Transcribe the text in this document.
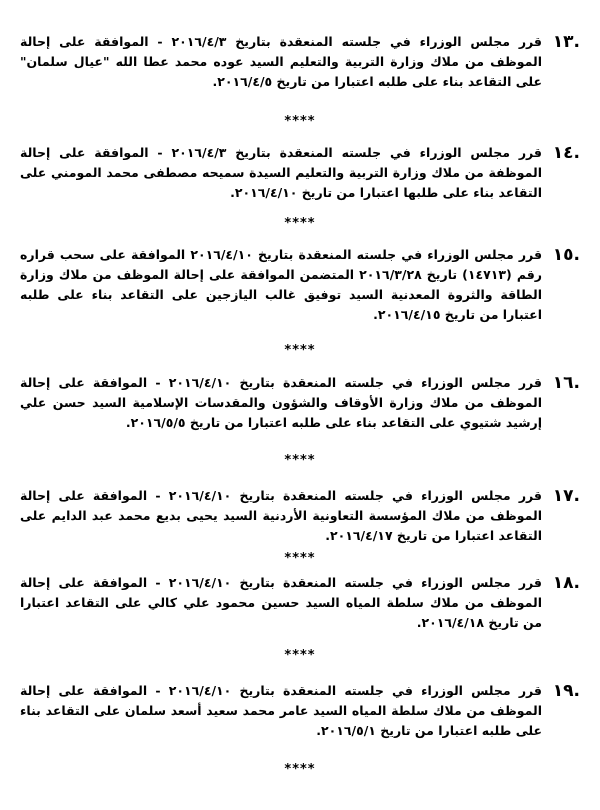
١٣.
قرر مجلس الوزراء في جلسته المنعقدة بتاريخ ٢٠١٦/٤/٣ - الموافقة على إحالة الموظف من ملاك وزارة التربية والتعليم السيد عوده محمد عطا الله "عيال سلمان" على التقاعد بناء على طلبه اعتبارا من تاريخ ٢٠١٦/٤/٥.
****
١٤.
قرر مجلس الوزراء في جلسته المنعقدة بتاريخ ٢٠١٦/٤/٣ - الموافقة على إحالة الموظفة من ملاك وزارة التربية والتعليم السيدة سميحه مصطفى محمد المومني على التقاعد بناء على طلبها اعتبارا من تاريخ ٢٠١٦/٤/١٠.
****
١٥.
قرر مجلس الوزراء في جلسته المنعقدة بتاريخ ٢٠١٦/٤/١٠ الموافقة على سحب قراره رقم (١٤٧١٣) تاريخ ٢٠١٦/٣/٢٨ المتضمن الموافقة على إحالة الموظف من ملاك وزارة الطاقة والثروة المعدنية السيد توفيق غالب اليازجين على التقاعد بناء على طلبه اعتبارا من تاريخ ٢٠١٦/٤/١٥.
****
١٦.
قرر مجلس الوزراء في جلسته المنعقدة بتاريخ ٢٠١٦/٤/١٠ - الموافقة على إحالة الموظف من ملاك وزارة الأوقاف والشؤون والمقدسات الإسلامية السيد حسن علي إرشيد شتيوي على التقاعد بناء على طلبه اعتبارا من تاريخ ٢٠١٦/٥/٥.
****
١٧.
قرر مجلس الوزراء في جلسته المنعقدة بتاريخ ٢٠١٦/٤/١٠ - الموافقة على إحالة الموظف من ملاك المؤسسة التعاونية الأردنية السيد يحيى بديع محمد عبد الدايم على التقاعد اعتبارا من تاريخ ٢٠١٦/٤/١٧.
****
١٨.
قرر مجلس الوزراء في جلسته المنعقدة بتاريخ ٢٠١٦/٤/١٠ - الموافقة على إحالة الموظف من ملاك سلطة المياه السيد حسين محمود علي كالي على التقاعد اعتبارا من تاريخ ٢٠١٦/٤/١٨.
****
١٩.
قرر مجلس الوزراء في جلسته المنعقدة بتاريخ ٢٠١٦/٤/١٠ - الموافقة على إحالة الموظف من ملاك سلطة المياه السيد عامر محمد سعيد أسعد سلمان على التقاعد بناء على طلبه اعتبارا من تاريخ ٢٠١٦/٥/١.
****
